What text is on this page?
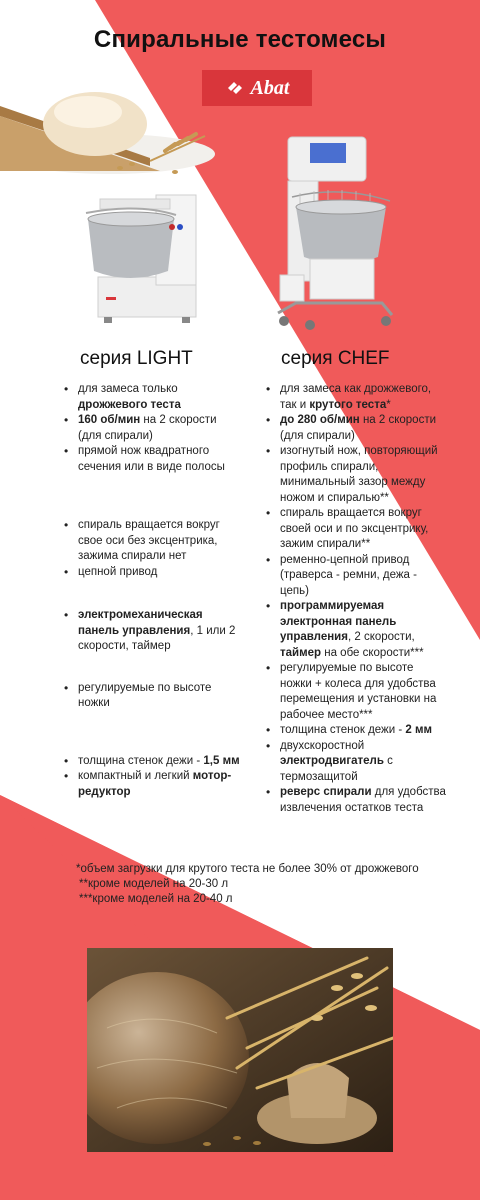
Спиральные тестомесы
Abat
серия LIGHT	серия CHEF
• для замеса только дрожжевого теста
• 160 об/мин на 2 скорости (для спирали)
• прямой нож квадратного сечения или в виде полосы
• спираль вращается вокруг свое оси без эксцентрика, зажима спирали нет
• цепной привод
• электромеханическая панель управления, 1 или 2 скорости, таймер
• регулируемые по высоте ножки
• толщина стенок дежи - 1,5 мм
• компактный и легкий мотор-редуктор
• для замеса как дрожжевого, так и крутого теста*
• до 280 об/мин на 2 скорости (для спирали)
• изогнутый нож, повторяющий профиль спирали, минимальный зазор между ножом и спиралью**
• спираль вращается вокруг своей оси и по эксцентрику, зажим спирали**
• ременно-цепной привод (траверса - ремни, дежа - цепь)
• программируемая электронная панель управления, 2 скорости, таймер на обе скорости***
• регулируемые по высоте ножки + колеса для удобства перемещения и установки на рабочее место***
• толщина стенок дежи - 2 мм
• двухскоростной электродвигатель с термозащитой
• реверс спирали для удобства извлечения остатков теста
*объем загрузки для крутого теста не более 30% от дрожжевого
**кроме моделей на 20-30 л
***кроме моделей на 20-40 л
